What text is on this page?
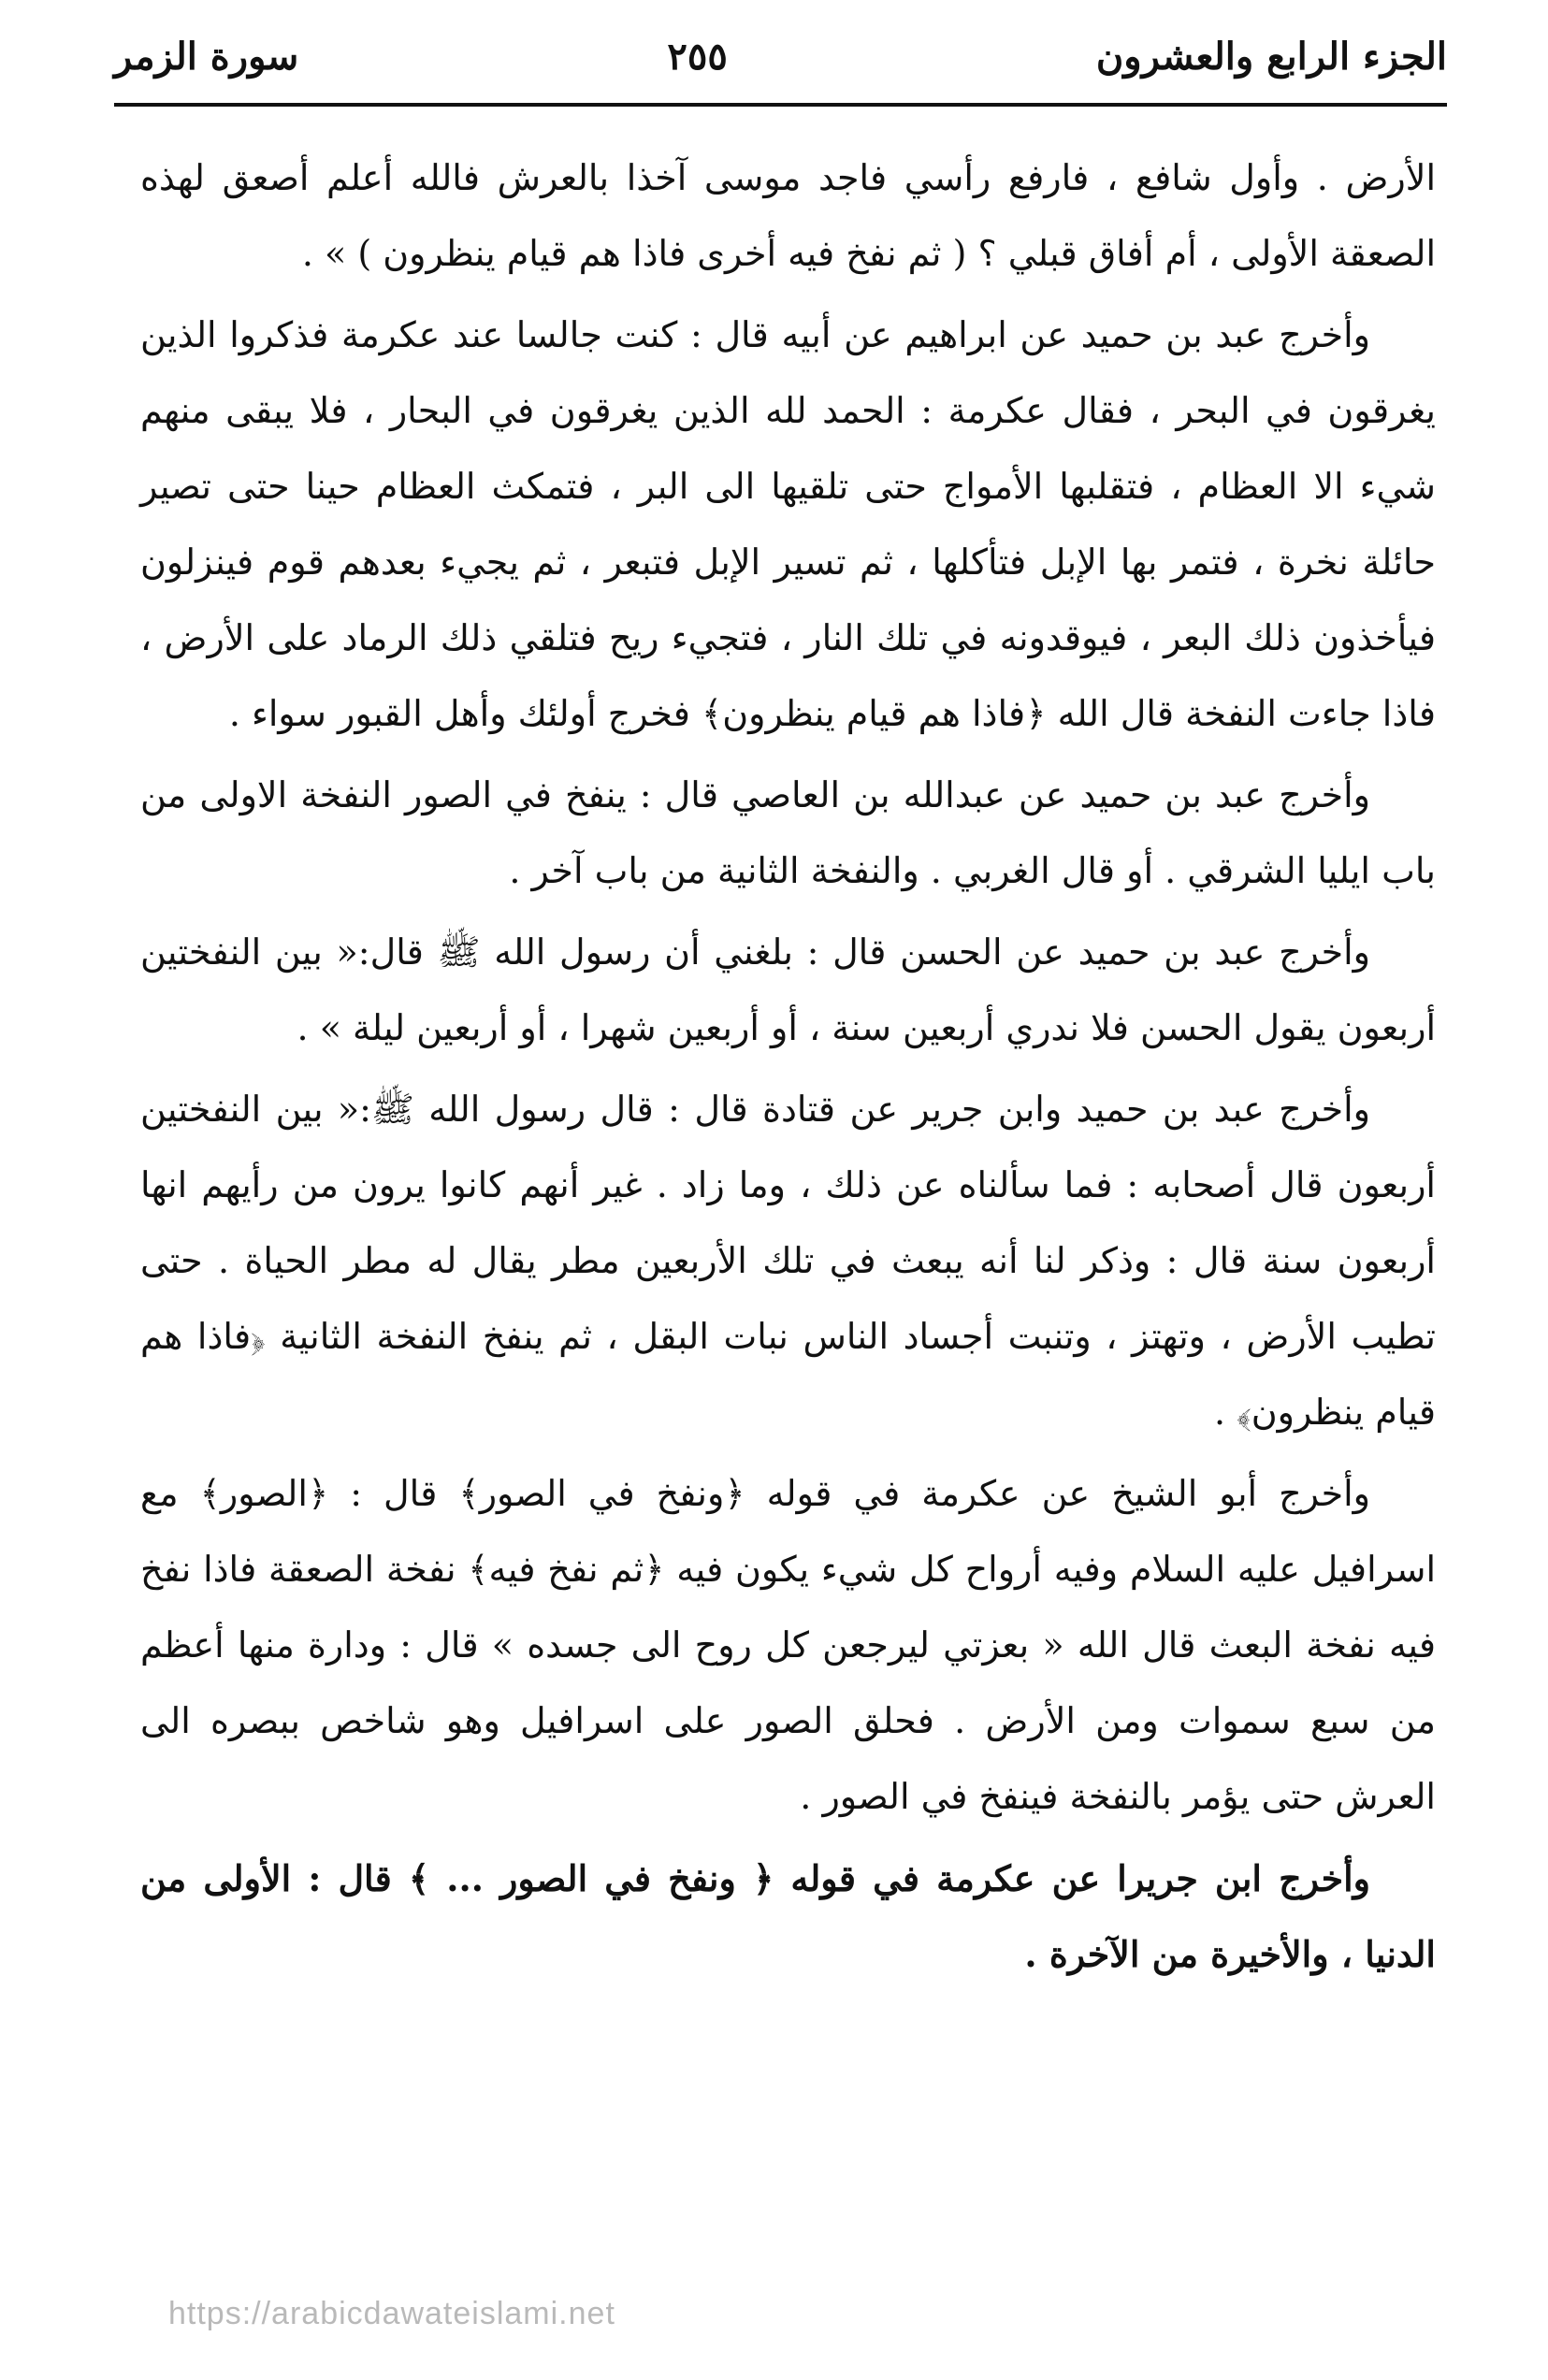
الجزء الرابع والعشرون
٢٥٥
سورة الزمر

الأرض . وأول شافع ، فارفع رأسي فاجد موسى آخذا بالعرش فالله أعلم أصعق لهذه الصعقة الأولى ، أم أفاق قبلي ؟ ( ثم نفخ فيه أخرى فاذا هم قيام ينظرون ) » .

وأخرج عبد بن حميد عن ابراهيم عن أبيه قال : كنت جالسا عند عكرمة فذكروا الذين يغرقون في البحر ، فقال عكرمة : الحمد لله الذين يغرقون في البحار ، فلا يبقى منهم شيء الا العظام ، فتقلبها الأمواج حتى تلقيها الى البر ، فتمكث العظام حينا حتى تصير حائلة نخرة ، فتمر بها الإبل فتأكلها ، ثم تسير الإبل فتبعر ، ثم يجيء بعدهم قوم فينزلون فيأخذون ذلك البعر ، فيوقدونه في تلك النار ، فتجيء ريح فتلقي ذلك الرماد على الأرض ، فاذا جاءت النفخة قال الله ﴿فاذا هم قيام ينظرون﴾ فخرج أولئك وأهل القبور سواء .

وأخرج عبد بن حميد عن عبدالله بن العاصي قال : ينفخ في الصور النفخة الاولى من باب ايليا الشرقي . أو قال الغربي . والنفخة الثانية من باب آخر .

وأخرج عبد بن حميد عن الحسن قال : بلغني أن رسول الله ﷺ قال:« بين النفختين أربعون يقول الحسن فلا ندري أربعين سنة ، أو أربعين شهرا ، أو أربعين ليلة » .

وأخرج عبد بن حميد وابن جرير عن قتادة قال : قال رسول الله ﷺ:« بين النفختين أربعون قال أصحابه : فما سألناه عن ذلك ، وما زاد . غير أنهم كانوا يرون من رأيهم انها أربعون سنة قال : وذكر لنا أنه يبعث في تلك الأربعين مطر يقال له مطر الحياة . حتى تطيب الأرض ، وتهتز ، وتنبت أجساد الناس نبات البقل ، ثم ينفخ النفخة الثانية ﴿فاذا هم قيام ينظرون﴾ .

وأخرج أبو الشيخ عن عكرمة في قوله ﴿ونفخ في الصور﴾ قال : ﴿الصور﴾ مع اسرافيل عليه السلام وفيه أرواح كل شيء يكون فيه ﴿ثم نفخ فيه﴾ نفخة الصعقة فاذا نفخ فيه نفخة البعث قال الله « بعزتي ليرجعن كل روح الى جسده » قال : ودارة منها أعظم من سبع سموات ومن الأرض . فحلق الصور على اسرافيل وهو شاخص ببصره الى العرش حتى يؤمر بالنفخة فينفخ في الصور .

وأخرج ابن جريرا عن عكرمة في قوله ﴿ ونفخ في الصور ... ﴾ قال : الأولى من الدنيا ، والأخيرة من الآخرة .

https://arabicdawateislami.net
